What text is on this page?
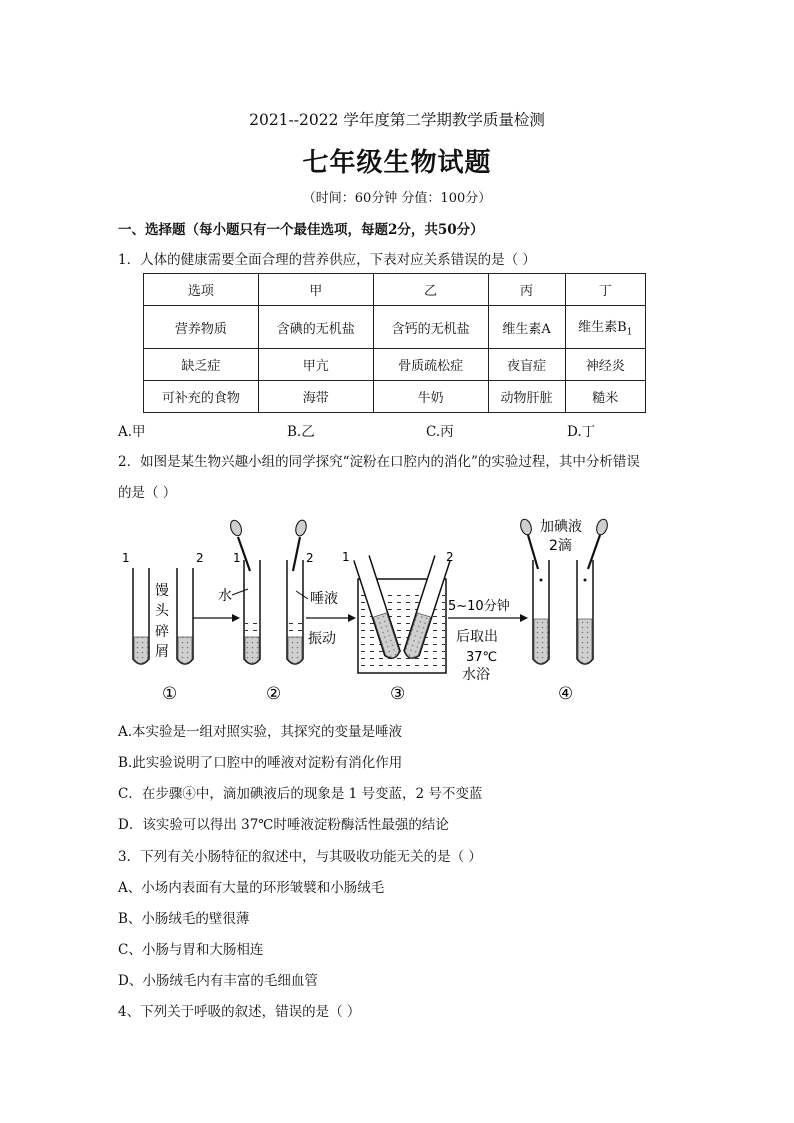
2021--2022 学年度第二学期教学质量检测
七年级生物试题
（时间：60分钟 分值：100分）
一、选择题（每小题只有一个最佳选项，每题2分，共50分）
1．人体的健康需要全面合理的营养供应，下表对应关系错误的是（ ）
选项	甲	乙	丙	丁
营养物质	含碘的无机盐	含钙的无机盐	维生素A	维生素$B_1$
缺乏症	甲亢	骨质疏松症	夜盲症	神经炎
可补充的食物	海带	牛奶	动物肝脏	糙米
A.甲	B.乙	C.丙	D.丁
2．如图是某生物兴趣小组的同学探究“淀粉在口腔内的消化”的实验过程，其中分析错误
的是（ ）
1	2
馒
头
碎
屑
1	2
水	唾液
振动
1	2
5~10分钟
后取出
37℃
水浴
加碘液
2滴
①	②	③	④
A.本实验是一组对照实验，其探究的变量是唾液
B.此实验说明了口腔中的唾液对淀粉有消化作用
C．在步骤④中，滴加碘液后的现象是 1 号变蓝，2 号不变蓝
D．该实验可以得出 37℃时唾液淀粉酶活性最强的结论
3．下列有关小肠特征的叙述中，与其吸收功能无关的是（ ）
A、小场内表面有大量的环形皱襞和小肠绒毛
B、小肠绒毛的壁很薄
C、小肠与胃和大肠相连
D、小肠绒毛内有丰富的毛细血管
4、下列关于呼吸的叙述，错误的是（ ）
